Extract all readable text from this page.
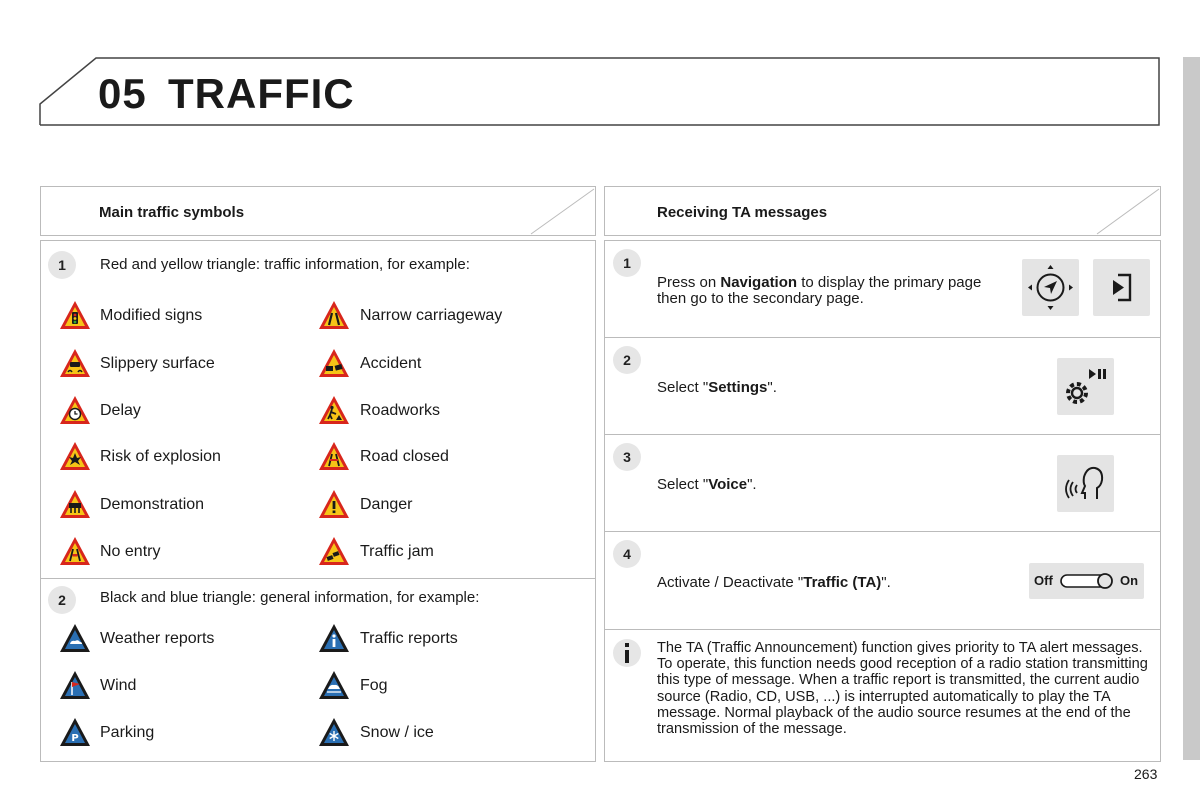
05 TRAFFIC
Main traffic symbols
1	Red and yellow triangle: traffic information, for example:
Modified signs	Narrow carriageway
Slippery surface	Accident
Delay	Roadworks
Risk of explosion	Road closed
Demonstration	Danger
No entry	Traffic jam
2	Black and blue triangle: general information, for example:
Weather reports	Traffic reports
Wind	Fog
P Parking	Snow / ice
Receiving TA messages
1
Press on Navigation to display the primary page then go to the secondary page.
2
Select "Settings".
3
Select "Voice".
4
Activate / Deactivate "Traffic (TA)".	Off	On
The TA (Traffic Announcement) function gives priority to TA alert messages. To operate, this function needs good reception of a radio station transmitting this type of message. When a traffic report is transmitted, the current audio source (Radio, CD, USB, ...) is interrupted automatically to play the TA message. Normal playback of the audio source resumes at the end of the transmission of the message.
263
